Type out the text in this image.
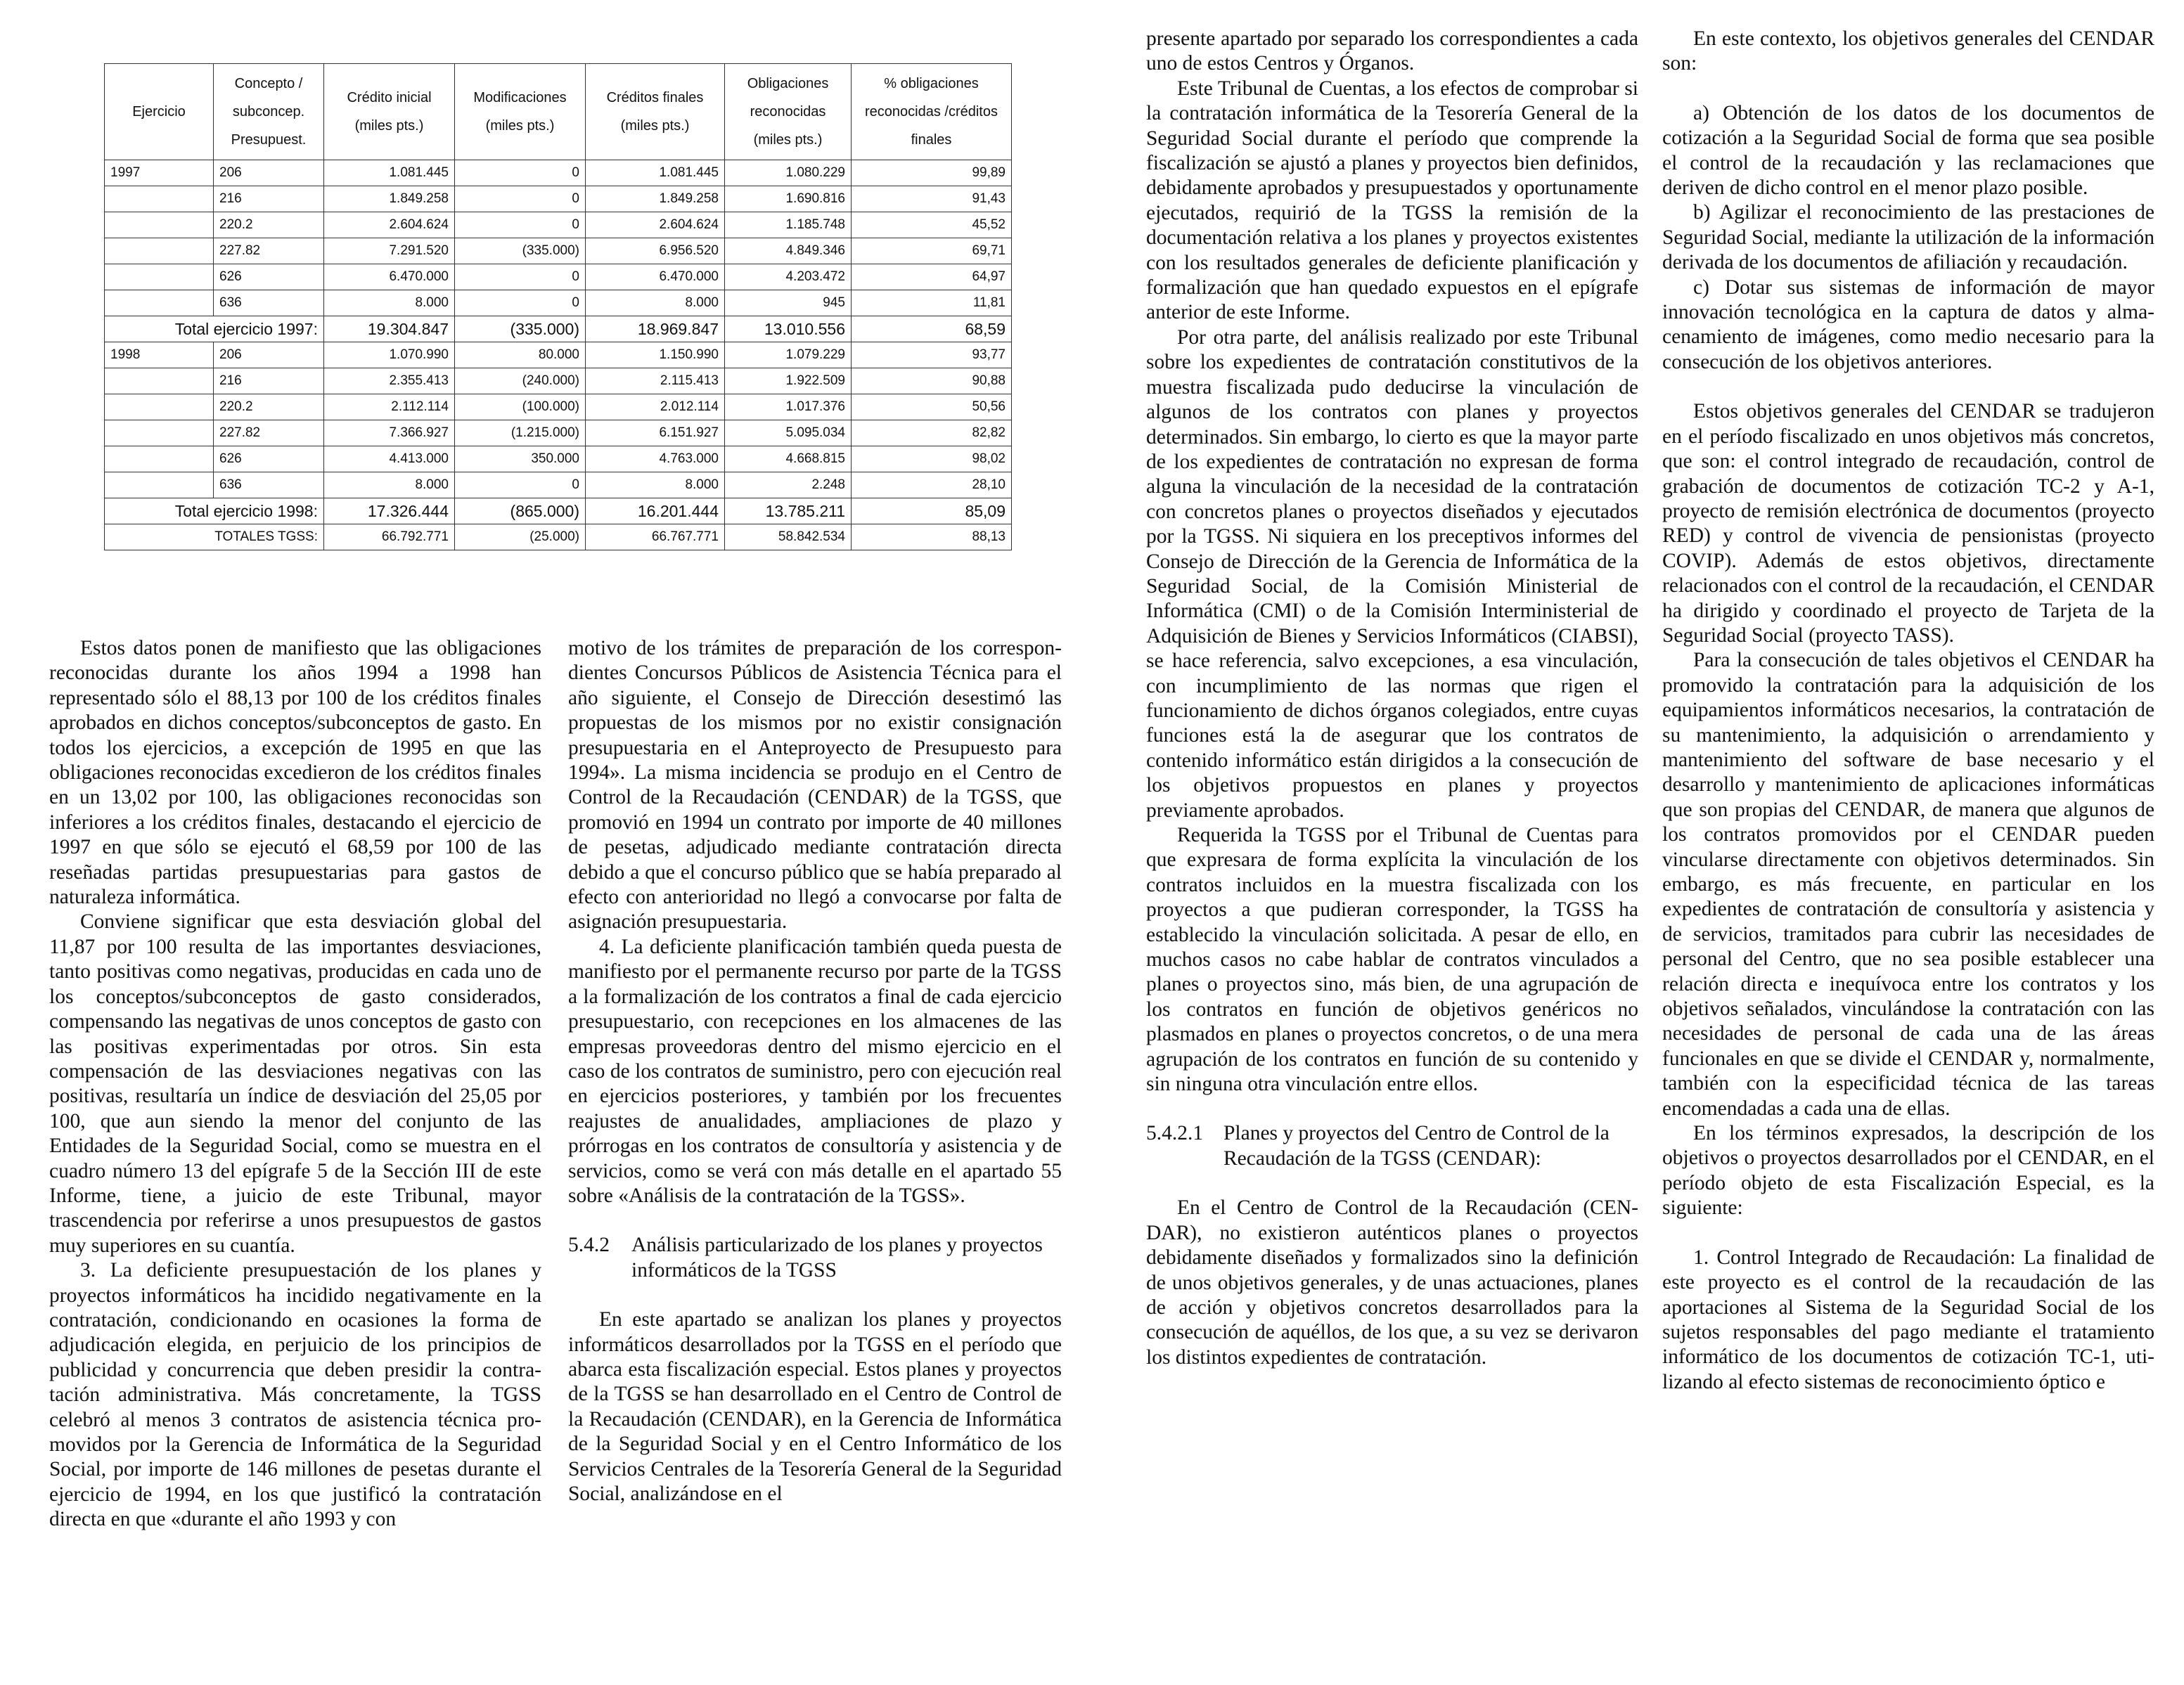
Ejercicio	Concepto / subconcep. Presupuest.	Crédito inicial (miles pts.)	Modificaciones (miles pts.)	Créditos finales (miles pts.)	Obligaciones reconocidas (miles pts.)	% obligaciones reconocidas /créditos finales
1997	206	1.081.445	0	1.081.445	1.080.229	99,89
	216	1.849.258	0	1.849.258	1.690.816	91,43
	220.2	2.604.624	0	2.604.624	1.185.748	45,52
	227.82	7.291.520	(335.000)	6.956.520	4.849.346	69,71
	626	6.470.000	0	6.470.000	4.203.472	64,97
	636	8.000	0	8.000	945	11,81
Total ejercicio 1997:		19.304.847	(335.000)	18.969.847	13.010.556	68,59
1998	206	1.070.990	80.000	1.150.990	1.079.229	93,77
	216	2.355.413	(240.000)	2.115.413	1.922.509	90,88
	220.2	2.112.114	(100.000)	2.012.114	1.017.376	50,56
	227.82	7.366.927	(1.215.000)	6.151.927	5.095.034	82,82
	626	4.413.000	350.000	4.763.000	4.668.815	98,02
	636	8.000	0	8.000	2.248	28,10
Total ejercicio 1998:		17.326.444	(865.000)	16.201.444	13.785.211	85,09
TOTALES TGSS:		66.792.771	(25.000)	66.767.771	58.842.534	88,13

Estos datos ponen de manifiesto que las obligaciones reconocidas durante los años 1994 a 1998 han representado sólo el 88,13 por 100 de los créditos finales aprobados en dichos conceptos/subconceptos de gasto. En todos los ejercicios, a excepción de 1995 en que las obligaciones reconocidas excedieron de los créditos finales en un 13,02 por 100, las obligaciones reconocidas son inferiores a los créditos finales, destacando el ejercicio de 1997 en que sólo se ejecutó el 68,59 por 100 de las reseñadas partidas presupuestarias para gastos de naturaleza informática.

Conviene significar que esta desviación global del 11,87 por 100 resulta de las importantes desviaciones, tanto positivas como negativas, producidas en cada uno de los conceptos/subconceptos de gasto considerados, compensando las negativas de unos conceptos de gasto con las positivas experimentadas por otros. Sin esta compensación de las desviaciones negativas con las positivas, resultaría un índice de desviación del 25,05 por 100, que aun siendo la menor del conjunto de las Entidades de la Seguridad Social, como se muestra en el cuadro número 13 del epígrafe 5 de la Sección III de este Informe, tiene, a juicio de este Tribunal, mayor trascendencia por referirse a unos presupuestos de gastos muy superiores en su cuantía.

3. La deficiente presupuestación de los planes y proyectos informáticos ha incidido negativamente en la contratación, condicionando en ocasiones la forma de adjudicación elegida, en perjuicio de los principios de publicidad y concurrencia que deben presidir la contratación administrativa. Más concretamente, la TGSS celebró al menos 3 contratos de asistencia técnica promovidos por la Gerencia de Informática de la Seguridad Social, por importe de 146 millones de pesetas durante el ejercicio de 1994, en los que justificó la contratación directa en que «durante el año 1993 y con

motivo de los trámites de preparación de los correspondientes Concursos Públicos de Asistencia Técnica para el año siguiente, el Consejo de Dirección desestimó las propuestas de los mismos por no existir consignación presupuestaria en el Anteproyecto de Presupuesto para 1994». La misma incidencia se produjo en el Centro de Control de la Recaudación (CENDAR) de la TGSS, que promovió en 1994 un contrato por importe de 40 millones de pesetas, adjudicado mediante contratación directa debido a que el concurso público que se había preparado al efecto con anterioridad no llegó a convocarse por falta de asignación presupuestaria.

4. La deficiente planificación también queda puesta de manifiesto por el permanente recurso por parte de la TGSS a la formalización de los contratos a final de cada ejercicio presupuestario, con recepciones en los almacenes de las empresas proveedoras dentro del mismo ejercicio en el caso de los contratos de suministro, pero con ejecución real en ejercicios posteriores, y también por los frecuentes reajustes de anualidades, ampliaciones de plazo y prórrogas en los contratos de consultoría y asistencia y de servicios, como se verá con más detalle en el apartado 55 sobre «Análisis de la contratación de la TGSS».

5.4.2	Análisis particularizado de los planes y proyectos informáticos de la TGSS

En este apartado se analizan los planes y proyectos informáticos desarrollados por la TGSS en el período que abarca esta fiscalización especial. Estos planes y proyectos de la TGSS se han desarrollado en el Centro de Control de la Recaudación (CENDAR), en la Gerencia de Informática de la Seguridad Social y en el Centro Informático de los Servicios Centrales de la Tesorería General de la Seguridad Social, analizándose en el

presente apartado por separado los correspondientes a cada uno de estos Centros y Órganos.

Este Tribunal de Cuentas, a los efectos de comprobar si la contratación informática de la Tesorería General de la Seguridad Social durante el período que comprende la fiscalización se ajustó a planes y proyectos bien definidos, debidamente aprobados y presupuestados y oportunamente ejecutados, requirió de la TGSS la remisión de la documentación relativa a los planes y proyectos existentes con los resultados generales de deficiente planificación y formalización que han quedado expuestos en el epígrafe anterior de este Informe.

Por otra parte, del análisis realizado por este Tribunal sobre los expedientes de contratación constitutivos de la muestra fiscalizada pudo deducirse la vinculación de algunos de los contratos con planes y proyectos determinados. Sin embargo, lo cierto es que la mayor parte de los expedientes de contratación no expresan de forma alguna la vinculación de la necesidad de la contratación con concretos planes o proyectos diseñados y ejecutados por la TGSS. Ni siquiera en los preceptivos informes del Consejo de Dirección de la Gerencia de Informática de la Seguridad Social, de la Comisión Ministerial de Informática (CMI) o de la Comisión Interministerial de Adquisición de Bienes y Servicios Informáticos (CIABSI), se hace referencia, salvo excepciones, a esa vinculación, con incumplimiento de las normas que rigen el funcionamiento de dichos órganos colegiados, entre cuyas funciones está la de asegurar que los contratos de contenido informático están dirigidos a la consecución de los objetivos propuestos en planes y proyectos previamente aprobados.

Requerida la TGSS por el Tribunal de Cuentas para que expresara de forma explícita la vinculación de los contratos incluidos en la muestra fiscalizada con los proyectos a que pudieran corresponder, la TGSS ha establecido la vinculación solicitada. A pesar de ello, en muchos casos no cabe hablar de contratos vinculados a planes o proyectos sino, más bien, de una agrupación de los contratos en función de objetivos genéricos no plasmados en planes o proyectos concretos, o de una mera agrupación de los contratos en función de su contenido y sin ninguna otra vinculación entre ellos.

5.4.2.1 Planes y proyectos del Centro de Control de la Recaudación de la TGSS (CENDAR):

En el Centro de Control de la Recaudación (CENDAR), no existieron auténticos planes o proyectos debidamente diseñados y formalizados sino la definición de unos objetivos generales, y de unas actuaciones, planes de acción y objetivos concretos desarrollados para la consecución de aquéllos, de los que, a su vez se derivaron los distintos expedientes de contratación.

En este contexto, los objetivos generales del CENDAR son:

a) Obtención de los datos de los documentos de cotización a la Seguridad Social de forma que sea posible el control de la recaudación y las reclamaciones que deriven de dicho control en el menor plazo posible.

b) Agilizar el reconocimiento de las prestaciones de Seguridad Social, mediante la utilización de la información derivada de los documentos de afiliación y recaudación.

c) Dotar sus sistemas de información de mayor innovación tecnológica en la captura de datos y almacenamiento de imágenes, como medio necesario para la consecución de los objetivos anteriores.

Estos objetivos generales del CENDAR se tradujeron en el período fiscalizado en unos objetivos más concretos, que son: el control integrado de recaudación, control de grabación de documentos de cotización TC-2 y A-1, proyecto de remisión electrónica de documentos (proyecto RED) y control de vivencia de pensionistas (proyecto COVIP). Además de estos objetivos, directamente relacionados con el control de la recaudación, el CENDAR ha dirigido y coordinado el proyecto de Tarjeta de la Seguridad Social (proyecto TASS).

Para la consecución de tales objetivos el CENDAR ha promovido la contratación para la adquisición de los equipamientos informáticos necesarios, la contratación de su mantenimiento, la adquisición o arrendamiento y mantenimiento del software de base necesario y el desarrollo y mantenimiento de aplicaciones informáticas que son propias del CENDAR, de manera que algunos de los contratos promovidos por el CENDAR pueden vincularse directamente con objetivos determinados. Sin embargo, es más frecuente, en particular en los expedientes de contratación de consultoría y asistencia y de servicios, tramitados para cubrir las necesidades de personal del Centro, que no sea posible establecer una relación directa e inequívoca entre los contratos y los objetivos señalados, vinculándose la contratación con las necesidades de personal de cada una de las áreas funcionales en que se divide el CENDAR y, normalmente, también con la especificidad técnica de las tareas encomendadas a cada una de ellas.

En los términos expresados, la descripción de los objetivos o proyectos desarrollados por el CENDAR, en el período objeto de esta Fiscalización Especial, es la siguiente:

1. Control Integrado de Recaudación: La finalidad de este proyecto es el control de la recaudación de las aportaciones al Sistema de la Seguridad Social de los sujetos responsables del pago mediante el tratamiento informático de los documentos de cotización TC-1, utilizando al efecto sistemas de reconocimiento óptico e
